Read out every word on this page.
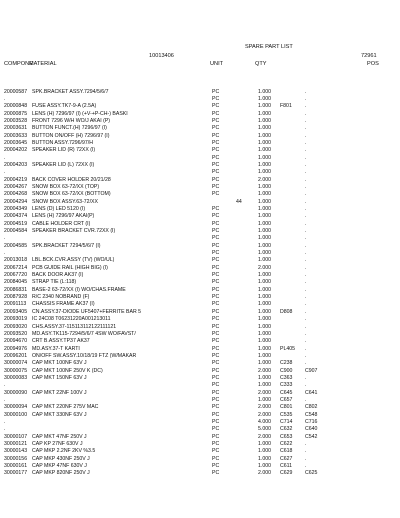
SPARE PART LIST
10013406	72961
COMPONE
MATERIAL	UNIT	QTY	POS
20000587 SPK.BRACKET ASSY.7294/5/6/7	PC	1.000	.
.	PC	1.000	.
20000848 FUSE ASSY.TK7-9-A (2.5A)	PC	1.000 F801	.
20000875 LENS (H) 7296/97 (I) (+V-+P-CH-) BASKI	PC	1.000	.
20003528 FRONT 7296 W/H WO/J AKAI (P)	PC	1.000	.
20003631 BUTTON FUNCT.(H) 7296/97 (I)	PC	1.000	.
20003633 BUTTON ON/OFF (H) 7296/97 (I)	PC	1.000	.
20003645 BUTTON ASSY.7296/97/H	PC	1.000	.
20004202 SPEAKER LID (R) 72XX (I)	PC	1.000	.
.	PC	1.000	.
20004203 SPEAKER LID (L) 72XX (I)	PC	1.000	.
.	PC	1.000	.
20004219 BACK COVER HOLDER 20/21/28	PC	2.000	.
20004267 SNOW BOX 63-72/XX (TOP)	PC	1.000	.
20004268 SNOW BOX 63-72/XX (BOTTOM)	PC	1.000	.
20004294 SNOW BOX ASSY.63-72/XX	44	1.000	.
20004349 LENS (D) LED 5120 (I)	PC	1.000	.
20004374 LENS (H) 7296/97 AKAI(P)	PC	1.000	.
20004519 CABLE HOLDER CRT (I)	PC	1.000	.
20004584 SPEAKER BRACKET CVR.72XX (I)	PC	1.000	.
.	PC	1.000	.
20004585 SPK.BRACKET 7294/5/6/7 (I)	PC	1.000	.
.	PC	1.000	.
20013018 LBL.BCK.CVR.ASSY (TV) (WO/UL)	PC	1.000	.
20067214 PCB GUIDE RAIL (HIGH BIG) (I)	PC	2.000	.
20067720 BACK DOOR AK37 (I)	PC	1.000	.
20084045 STRAP TIE (L:118)	PC	1.000	.
20086831 BASE-2 63-72/XX (I) WO/CHAS.FRAME	PC	1.000	.
20087928 R/C 2340 NOBRAND (F)	PC	1.000	.
20091113 CHASSIS FRAME AK37 (I)	PC	1.000	.
20093405 CN.ASSY.37-DIODE UF5407+FERRITE BAR 5	PC	1.000 D808 .
20093019 IC 24C08 T06231220A001213011	PC	1.000	.
20093020 CHS.ASSY.37-115113112122111121	PC	1.000	.
20093520 MD.ASY.TK115-7294/5/6/7 4SW WO/FAVST/	PC	1.000	.
20094670 CRT B.ASSY.TP37 AK37	PC	1.000	.
20094976 MD.ASY.37-T KARTI	PC	1.000 PL405 .
20096201 ON/OFF SW.ASSY.10/18/19 FTZ (W/MAKAR	PC	1.000	.
30000074 CAP MKT 100NF 63V J	PC	1.000 C238 .
30000075 CAP MKT 100NF 250V K (DC)	PC	2.000 C900 C907
30000083 CAP MKT 150NF 63V J	PC	1.000 C363 .
.	PC	1.000 C333 .
30000090 CAP MKT 22NF 100V J	PC	2.000 C645 C641
.	PC	1.000 C657 .
30000094 CAP MKT 220NF 275V MAC	PC	2.000 C801 C802
30000100 CAP MKT 330NF 63V J	PC	2.000 C535 C548
.	PC	4.000 C714 C716
.	PC	5.000 C632 C640
30000107 CAP MKT 47NF 250V J	PC	2.000 C653 C542
30000121 CAP KP 27NF 630V J	PC	1.000 C622 .
30000143 CAP MKP 2.2NF 2KV %3.5	PC	1.000 C618 .
30000156 CAP MKP 430NF 250V J	PC	1.000 C627 .
30000161 CAP MKP 47NF 630V J	PC	1.000 C611 .
30000177 CAP MKP 820NF 250V J	PC	2.000 C629 C625
